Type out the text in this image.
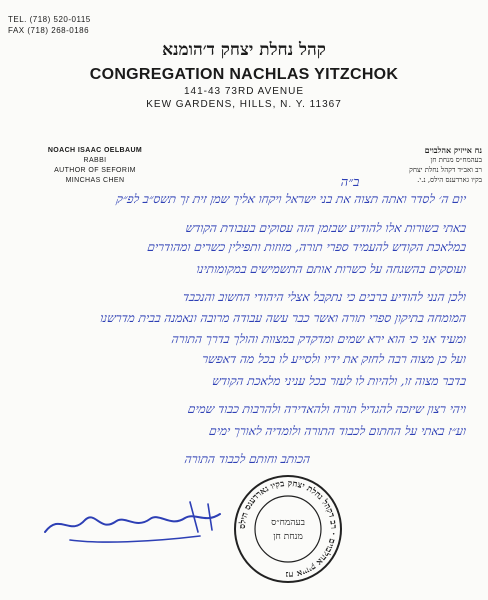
TEL. (718) 520-0115
FAX (718) 268-0186
קהל נחלת יצחק ד׳הומנא
CONGREGATION NACHLAS YITZCHOK
141-43 73RD AVENUE
KEW GARDENS, HILLS, N. Y. 11367
NOACH ISAAC OELBAUM
RABBI
AUTHOR OF SEFORIM
MINCHAS CHEN
נח אייזיק אהלבוים
בעהמח״ס מנחת חן
רב ואב״ד דקהל נחלת יצחק
בקיו גארדענס הילס, נ.י.
ב״ה
יום ה׳ לסדר ואתה תצוה את בני ישראל ויקחו אליך שמן זית זך תשס״ב לפ״ק
באתי בשורות אלו להודיע שבזמן הזה עסוקים בעבודת הקודש
במלאכת הקודש להעמיד ספרי תורה, מזוזות ותפילין כשרים ומהודרים
ועוסקים בהשגחה על כשרות אותם התשמישים במקומותינו
ולכן הנני להודיע ברבים כי נתקבל אצלי היהודי החשוב והנכבד
המומחה בתיקון ספרי תורה ואשר כבר עשה עבודה מרובה ונאמנה בבית מדרשנו
ומעיד אני כי הוא ירא שמים ומדקדק במצוות והולך בדרך התורה
ועל כן מצוה רבה לחזק את ידיו ולסייע לו בכל מה דאפשר
בדבר מצוה זו, ולהיות לו לעזר בכל עניני מלאכת הקודש
ויהי רצון שיזכה להגדיל תורה ולהאדירה ולהרבות כבוד שמים
וע״ז באתי על החתום לכבוד התורה ולומדיה לאורך ימים
הכותב וחותם לכבוד התורה
נח אייזיק אהלבוים · רב דקהל נחלת יצחק בקיו גארדענס הילס
בעהמח״ס
מנחת חן
